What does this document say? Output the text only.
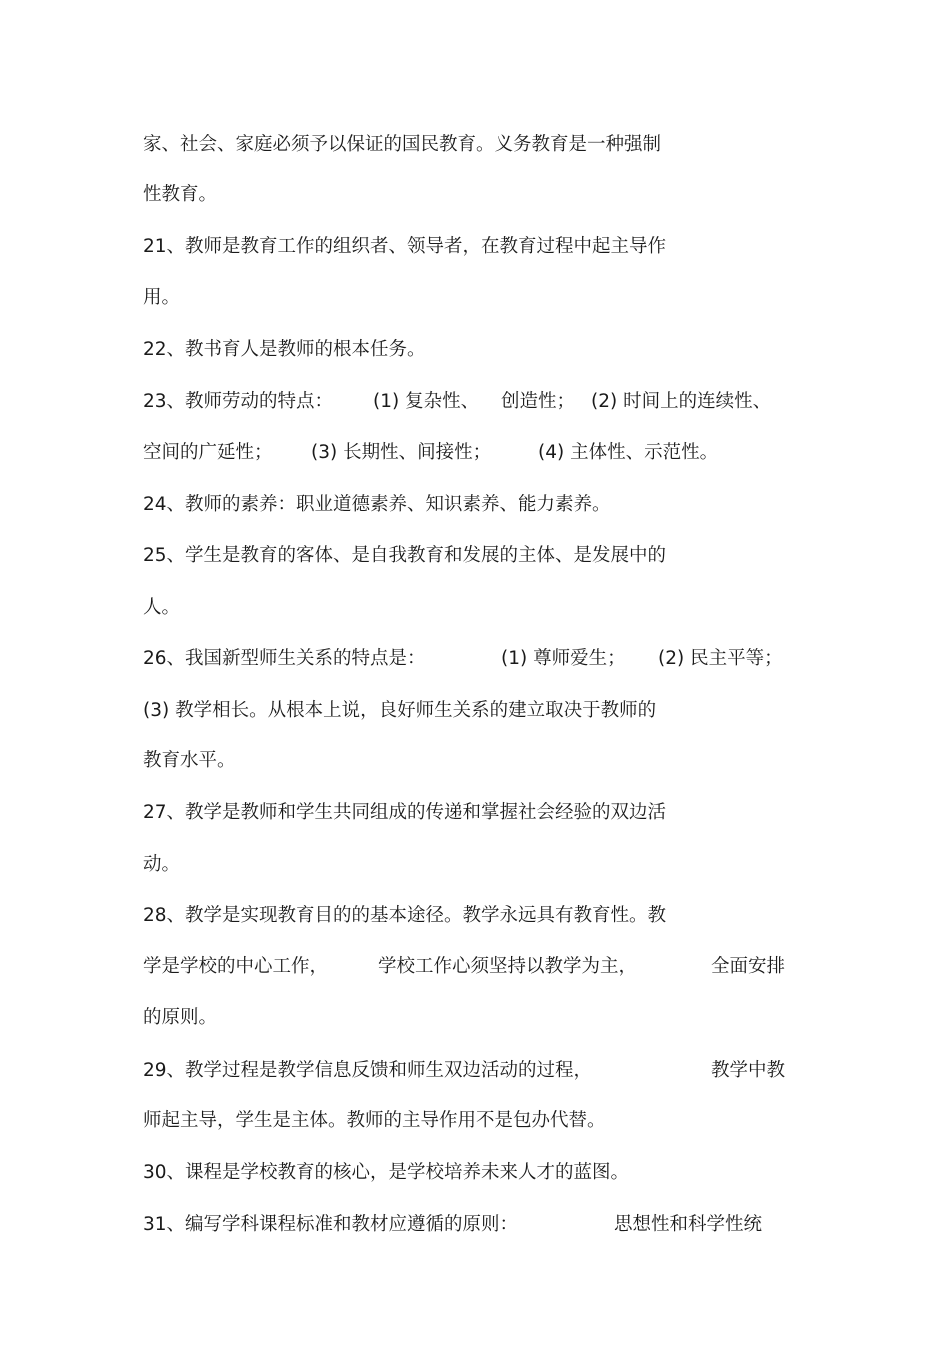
家、社会、家庭必须予以保证的国民教育。义务教育是一种强制

性教育。

21、教师是教育工作的组织者、领导者，在教育过程中起主导作

用。

22、教书育人是教师的根本任务。

23、教师劳动的特点：

(1) 复杂性、

创造性；

(2) 时间上的连续性、

空间的广延性；

(3) 长期性、间接性；

	(4) 主体性、示范性。

24、教师的素养：职业道德素养、知识素养、能力素养。

25、学生是教育的客体、是自我教育和发展的主体、是发展中的

人。

26、我国新型师生关系的特点是：

	(1) 尊师爱生；

(2) 民主平等；

(3) 教学相长。从根本上说，良好师生关系的建立取决于教师的

教育水平。

27、教学是教师和学生共同组成的传递和掌握社会经验的双边活

动。

28、教学是实现教育目的的基本途径。教学永远具有教育性。教

学是学校的中心工作，

	学校工作心须坚持以教学为主，

	全面安排

的原则。

29、教学过程是教学信息反馈和师生双边活动的过程，

	教学中教

师起主导，学生是主体。教师的主导作用不是包办代替。

30、课程是学校教育的核心，是学校培养未来人才的蓝图。

31、编写学科课程标准和教材应遵循的原则：

	思想性和科学性统
